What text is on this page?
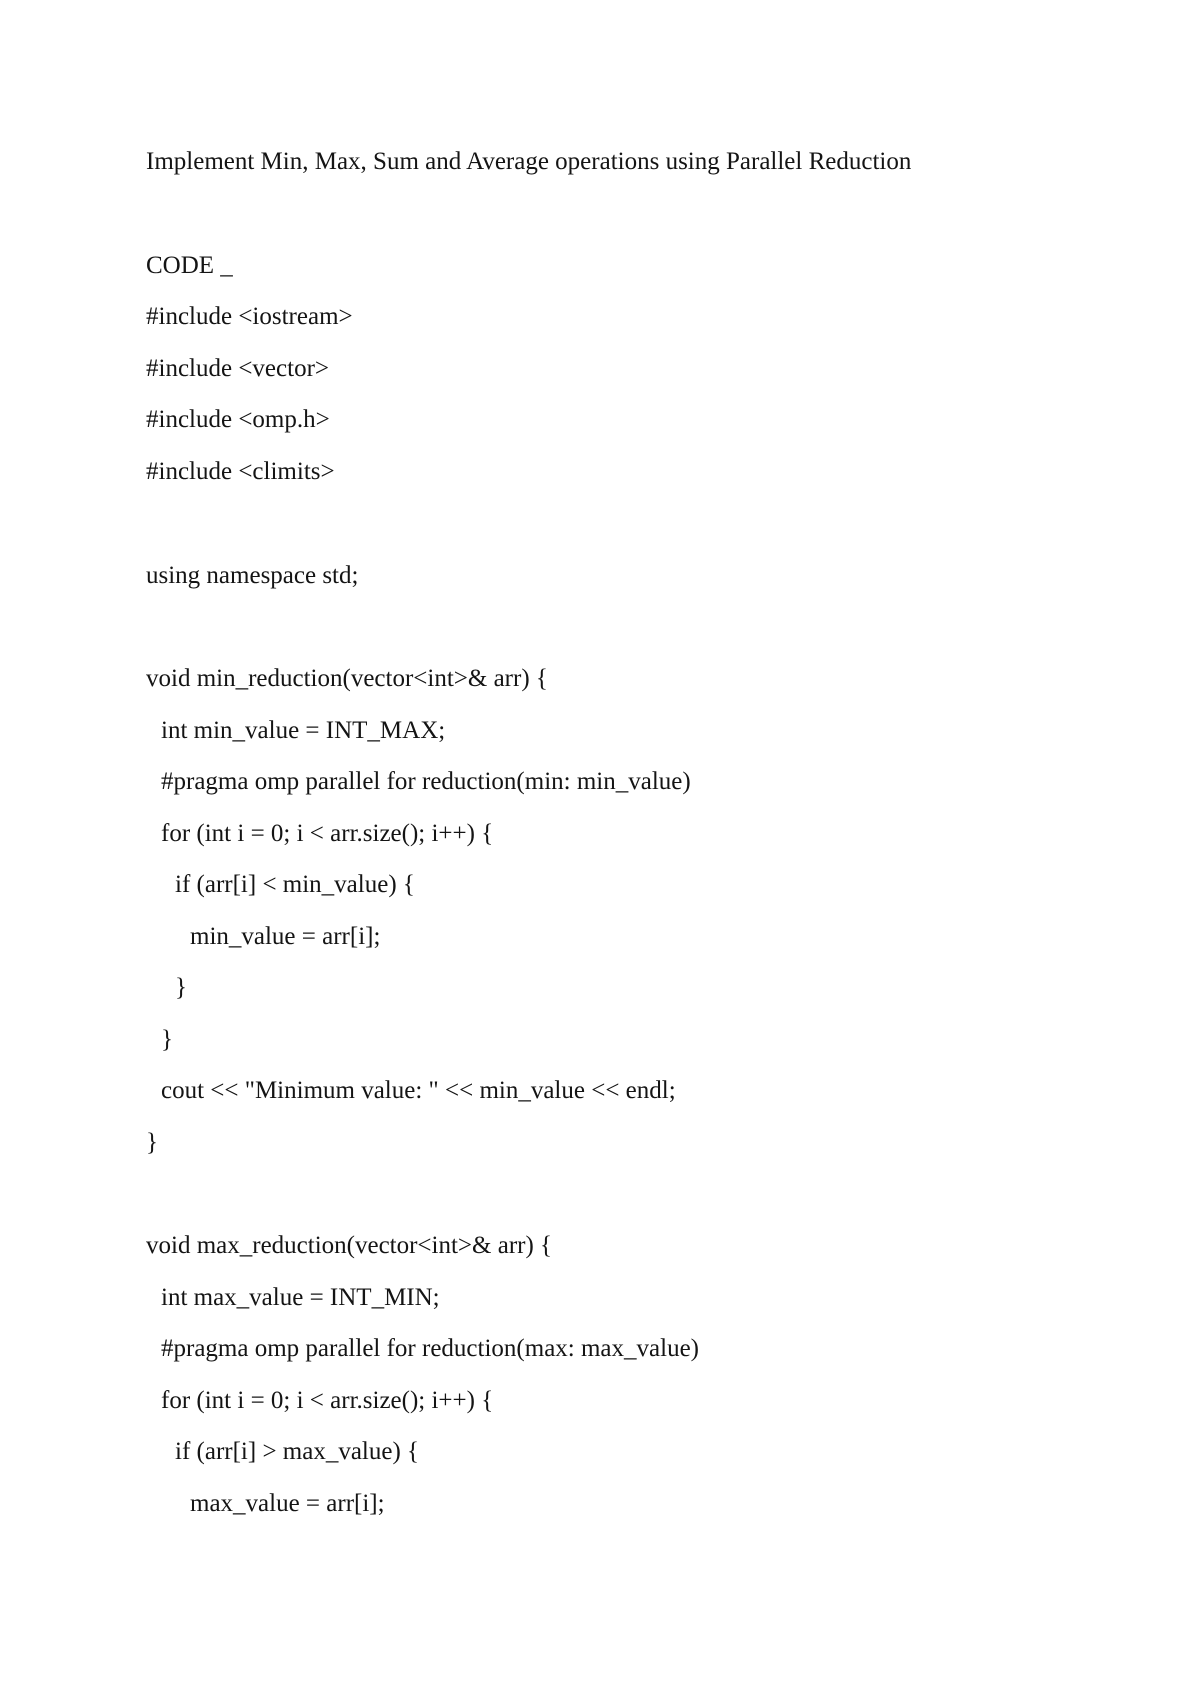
Implement Min, Max, Sum and Average operations using Parallel Reduction
CODE _
#include <iostream>
#include <vector>
#include <omp.h>
#include <climits>
using namespace std;
void min_reduction(vector<int>& arr) {
int min_value = INT_MAX;
#pragma omp parallel for reduction(min: min_value)
for (int i = 0; i < arr.size(); i++) {
if (arr[i] < min_value) {
min_value = arr[i];
}
}
cout << "Minimum value: " << min_value << endl;
}
void max_reduction(vector<int>& arr) {
int max_value = INT_MIN;
#pragma omp parallel for reduction(max: max_value)
for (int i = 0; i < arr.size(); i++) {
if (arr[i] > max_value) {
max_value = arr[i];
